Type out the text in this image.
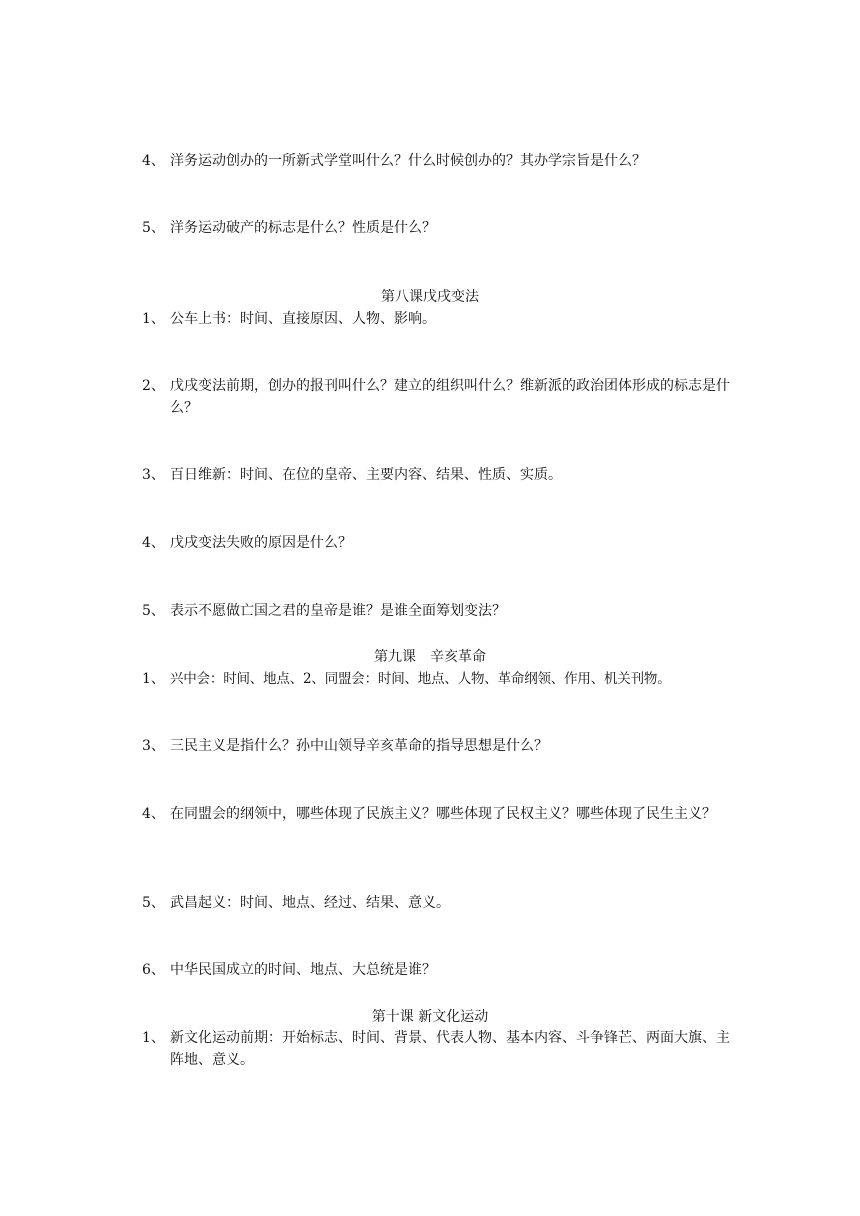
4、 洋务运动创办的一所新式学堂叫什么？什么时候创办的？其办学宗旨是什么？
5、 洋务运动破产的标志是什么？性质是什么？
第八课戊戌变法
1、 公车上书：时间、直接原因、人物、影响。
2、 戊戌变法前期，创办的报刊叫什么？建立的组织叫什么？维新派的政治团体形成的标志是什么？
3、 百日维新：时间、在位的皇帝、主要内容、结果、性质、实质。
4、 戊戌变法失败的原因是什么？
5、 表示不愿做亡国之君的皇帝是谁？是谁全面筹划变法？
第九课　辛亥革命
1、 兴中会：时间、地点、2、同盟会：时间、地点、人物、革命纲领、作用、机关刊物。
3、 三民主义是指什么？孙中山领导辛亥革命的指导思想是什么？
4、 在同盟会的纲领中，哪些体现了民族主义？哪些体现了民权主义？哪些体现了民生主义？
5、 武昌起义：时间、地点、经过、结果、意义。
6、 中华民国成立的时间、地点、大总统是谁？
第十课 新文化运动
1、 新文化运动前期：开始标志、时间、背景、代表人物、基本内容、斗争锋芒、两面大旗、主阵地、意义。
